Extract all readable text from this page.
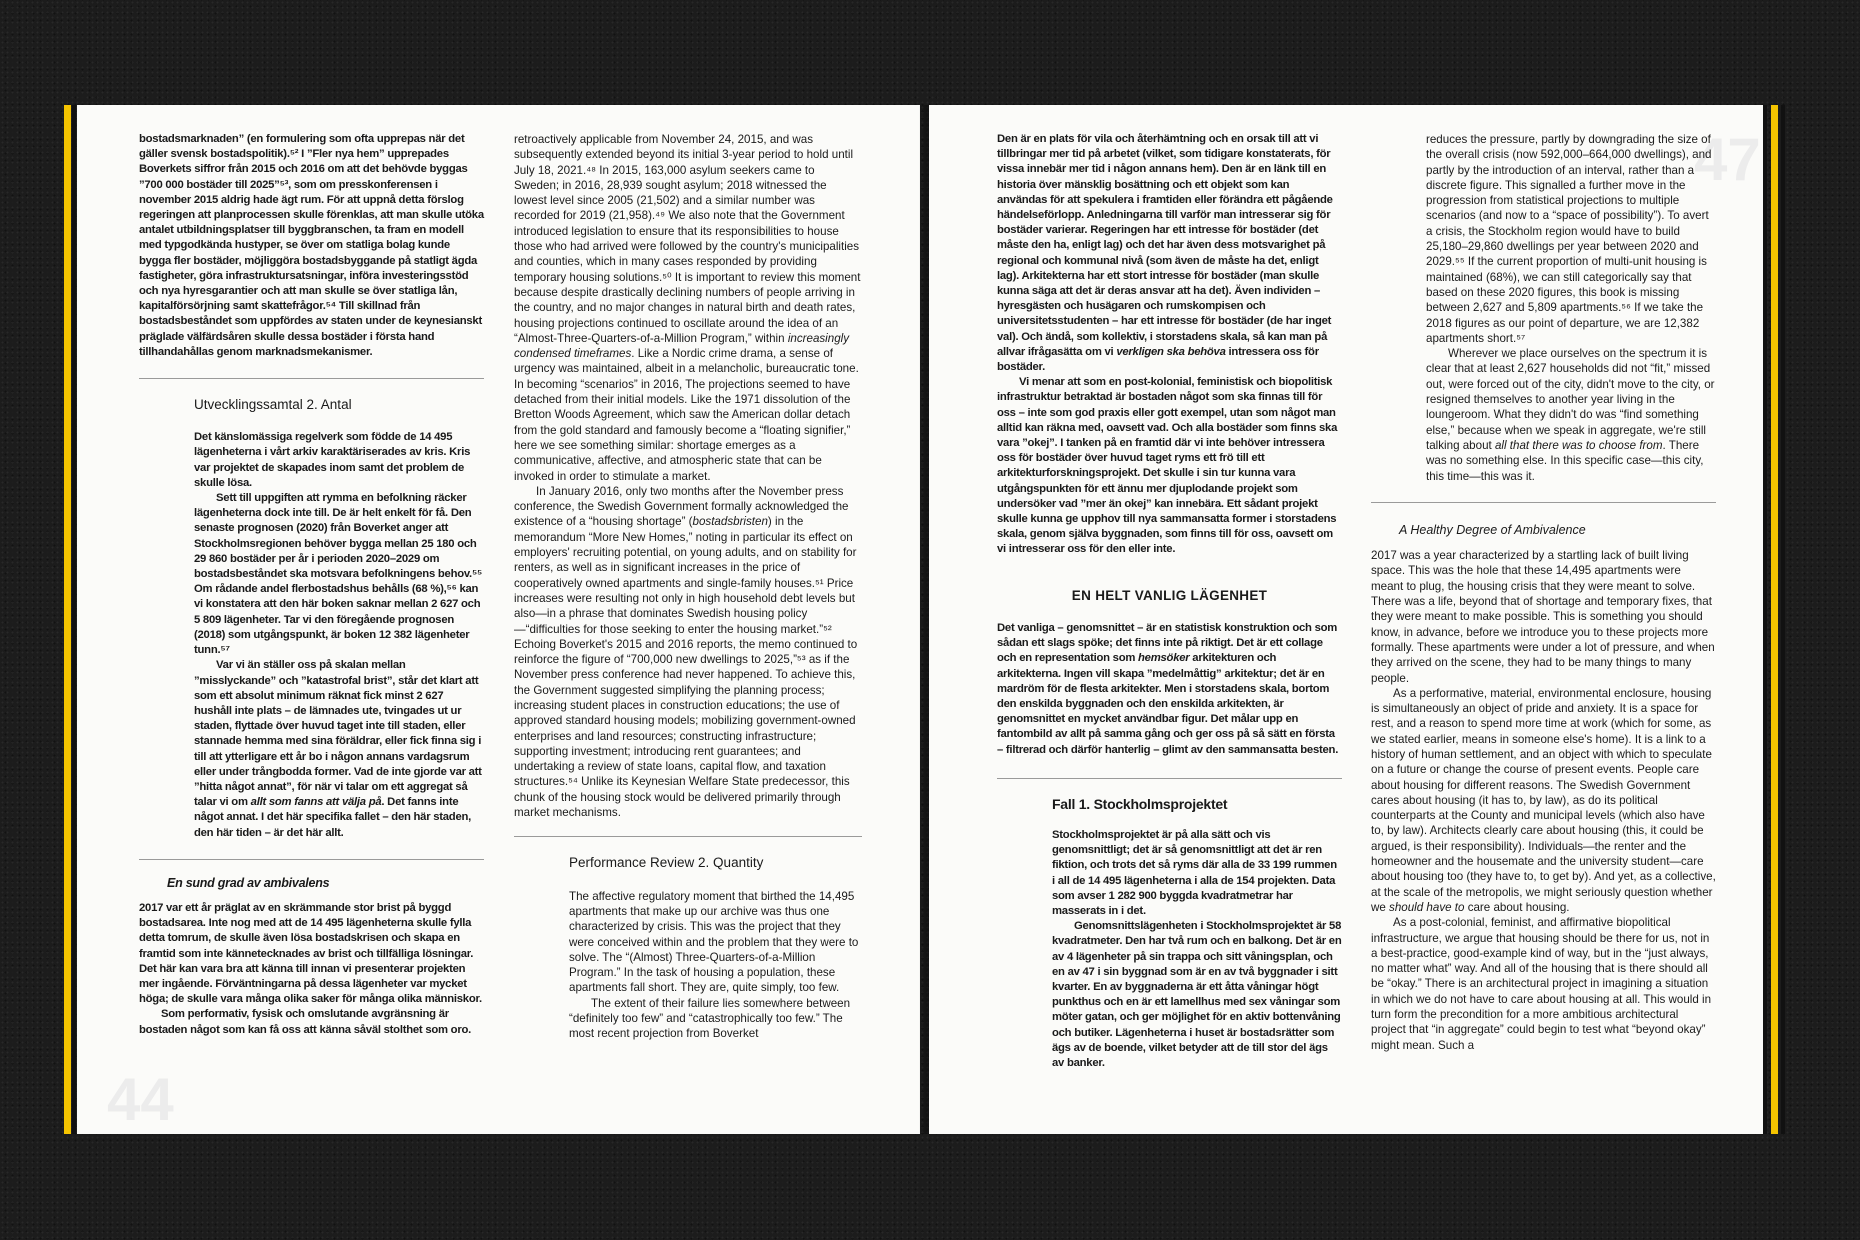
44

bostadsmarknaden” (en formulering som ofta upprepas när det gäller svensk bostadspolitik).⁵² I ”Fler nya hem” upprepades Boverkets siffror från 2015 och 2016 om att det behövde byggas ”700 000 bostäder till 2025”⁵³, som om presskonferensen i november 2015 aldrig hade ägt rum. För att uppnå detta förslog regeringen att planprocessen skulle förenklas, att man skulle utöka antalet utbildningsplatser till byggbranschen, ta fram en modell med typgodkända hustyper, se över om statliga bolag kunde bygga fler bostäder, möjliggöra bostadsbyggande på statligt ägda fastigheter, göra infrastruktursatsningar, införa investeringsstöd och nya hyresgarantier och att man skulle se över statliga lån, kapitalförsörjning samt skattefrågor.⁵⁴ Till skillnad från bostadsbeståndet som uppfördes av staten under de keynesianskt präglade välfärdsåren skulle dessa bostäder i första hand tillhandahållas genom marknadsmekanismer.

Utvecklingssamtal 2. Antal

Det känslomässiga regelverk som födde de 14 495 lägenheterna i vårt arkiv karaktäriserades av kris. Kris var projektet de skapades inom samt det problem de skulle lösa.

Sett till uppgiften att rymma en befolkning räcker lägenheterna dock inte till. De är helt enkelt för få. Den senaste prognosen (2020) från Boverket anger att Stockholmsregionen behöver bygga mellan 25 180 och 29 860 bostäder per år i perioden 2020–2029 om bostadsbeståndet ska motsvara befolkningens behov.⁵⁵ Om rådande andel flerbostadshus behålls (68 %),⁵⁶ kan vi konstatera att den här boken saknar mellan 2 627 och 5 809 lägenheter. Tar vi den föregående prognosen (2018) som utgångspunkt, är boken 12 382 lägenheter tunn.⁵⁷

Var vi än ställer oss på skalan mellan ”misslyckande” och ”katastrofal brist”, står det klart att som ett absolut minimum räknat fick minst 2 627 hushåll inte plats – de lämnades ute, tvingades ut ur staden, flyttade över huvud taget inte till staden, eller stannade hemma med sina föräldrar, eller fick finna sig i till att ytterligare ett år bo i någon annans vardagsrum eller under trångbodda former. Vad de inte gjorde var att ”hitta något annat”, för när vi talar om ett aggregat så talar vi om allt som fanns att välja på. Det fanns inte något annat. I det här specifika fallet – den här staden, den här tiden – är det här allt.

En sund grad av ambivalens

2017 var ett år präglat av en skrämmande stor brist på byggd bostadsarea. Inte nog med att de 14 495 lägenheterna skulle fylla detta tomrum, de skulle även lösa bostadskrisen och skapa en framtid som inte kännetecknades av brist och tillfälliga lösningar. Det här kan vara bra att känna till innan vi presenterar projekten mer ingående. Förväntningarna på dessa lägenheter var mycket höga; de skulle vara många olika saker för många olika människor.

Som performativ, fysisk och omslutande avgränsning är bostaden något som kan få oss att känna såväl stolthet som oro.

retroactively applicable from November 24, 2015, and was subsequently extended beyond its initial 3-year period to hold until July 18, 2021.⁴⁸ In 2015, 163,000 asylum seekers came to Sweden; in 2016, 28,939 sought asylum; 2018 witnessed the lowest level since 2005 (21,502) and a similar number was recorded for 2019 (21,958).⁴⁹ We also note that the Government introduced legislation to ensure that its responsibilities to house those who had arrived were followed by the country's municipalities and counties, which in many cases responded by providing temporary housing solutions.⁵⁰ It is important to review this moment because despite drastically declining numbers of people arriving in the country, and no major changes in natural birth and death rates, housing projections continued to oscillate around the idea of an “Almost-Three-Quarters-of-a-Million Program,” within increasingly condensed timeframes. Like a Nordic crime drama, a sense of urgency was maintained, albeit in a melancholic, bureaucratic tone. In becoming “scenarios” in 2016, The projections seemed to have detached from their initial models. Like the 1971 dissolution of the Bretton Woods Agreement, which saw the American dollar detach from the gold standard and famously become a “floating signifier,” here we see something similar: shortage emerges as a communicative, affective, and atmospheric state that can be invoked in order to stimulate a market.

In January 2016, only two months after the November press conference, the Swedish Government formally acknowledged the existence of a “housing shortage” (bostadsbristen) in the memorandum “More New Homes,” noting in particular its effect on employers' recruiting potential, on young adults, and on stability for renters, as well as in significant increases in the price of cooperatively owned apartments and single-family houses.⁵¹ Price increases were resulting not only in high household debt levels but also—in a phrase that dominates Swedish housing policy—“difficulties for those seeking to enter the housing market.”⁵² Echoing Boverket's 2015 and 2016 reports, the memo continued to reinforce the figure of “700,000 new dwellings to 2025,”⁵³ as if the November press conference had never happened. To achieve this, the Government suggested simplifying the planning process; increasing student places in construction educations; the use of approved standard housing models; mobilizing government-owned enterprises and land resources; constructing infrastructure; supporting investment; introducing rent guarantees; and undertaking a review of state loans, capital flow, and taxation structures.⁵⁴ Unlike its Keynesian Welfare State predecessor, this chunk of the housing stock would be delivered primarily through market mechanisms.

Performance Review 2. Quantity

The affective regulatory moment that birthed the 14,495 apartments that make up our archive was thus one characterized by crisis. This was the project that they were conceived within and the problem that they were to solve. The “(Almost) Three-Quarters-of-a-Million Program.” In the task of housing a population, these apartments fall short. They are, quite simply, too few.

The extent of their failure lies somewhere between “definitely too few” and “catastrophically too few.” The most recent projection from Boverket

47

Den är en plats för vila och återhämtning och en orsak till att vi tillbringar mer tid på arbetet (vilket, som tidigare konstaterats, för vissa innebär mer tid i någon annans hem). Den är en länk till en historia över mänsklig bosättning och ett objekt som kan användas för att spekulera i framtiden eller förändra ett pågående händelseförlopp. Anledningarna till varför man intresserar sig för bostäder varierar. Regeringen har ett intresse för bostäder (det måste den ha, enligt lag) och det har även dess motsvarighet på regional och kommunal nivå (som även de måste ha det, enligt lag). Arkitekterna har ett stort intresse för bostäder (man skulle kunna säga att det är deras ansvar att ha det). Även individen – hyresgästen och husägaren och rumskompisen och universitetsstudenten – har ett intresse för bostäder (de har inget val). Och ändå, som kollektiv, i storstadens skala, så kan man på allvar ifrågasätta om vi verkligen ska behöva intressera oss för bostäder.

Vi menar att som en post-kolonial, feministisk och biopolitisk infrastruktur betraktad är bostaden något som ska finnas till för oss – inte som god praxis eller gott exempel, utan som något man alltid kan räkna med, oavsett vad. Och alla bostäder som finns ska vara ”okej”. I tanken på en framtid där vi inte behöver intressera oss för bostäder över huvud taget ryms ett frö till ett arkitekturforskningsprojekt. Det skulle i sin tur kunna vara utgångspunkten för ett ännu mer djuplodande projekt som undersöker vad ”mer än okej” kan innebära. Ett sådant projekt skulle kunna ge upphov till nya sammansatta former i storstadens skala, genom själva byggnaden, som finns till för oss, oavsett om vi intresserar oss för den eller inte.

EN HELT VANLIG LÄGENHET

Det vanliga – genomsnittet – är en statistisk konstruktion och som sådan ett slags spöke; det finns inte på riktigt. Det är ett collage och en representation som hemsöker arkitekturen och arkitekterna. Ingen vill skapa ”medelmåttig” arkitektur; det är en mardröm för de flesta arkitekter. Men i storstadens skala, bortom den enskilda byggnaden och den enskilda arkitekten, är genomsnittet en mycket användbar figur. Det målar upp en fantombild av allt på samma gång och ger oss på så sätt en första – filtrerad och därför hanterlig – glimt av den sammansatta besten.

Fall 1. Stockholmsprojektet

Stockholmsprojektet är på alla sätt och vis genomsnittligt; det är så genomsnittligt att det är ren fiktion, och trots det så ryms där alla de 33 199 rummen i all de 14 495 lägenheterna i alla de 154 projekten. Data som avser 1 282 900 byggda kvadratmetrar har masserats in i det.

Genomsnittslägenheten i Stockholmsprojektet är 58 kvadratmeter. Den har två rum och en balkong. Det är en av 4 lägenheter på sin trappa och sitt våningsplan, och en av 47 i sin byggnad som är en av två byggnader i sitt kvarter. En av byggnaderna är ett åtta våningar högt punkthus och en är ett lamellhus med sex våningar som möter gatan, och ger möjlighet för en aktiv bottenvåning och butiker. Lägenheterna i huset är bostadsrätter som ägs av de boende, vilket betyder att de till stor del ägs av banker.

reduces the pressure, partly by downgrading the size of the overall crisis (now 592,000–664,000 dwellings), and partly by the introduction of an interval, rather than a discrete figure. This signalled a further move in the progression from statistical projections to multiple scenarios (and now to a “space of possibility”). To avert a crisis, the Stockholm region would have to build 25,180–29,860 dwellings per year between 2020 and 2029.⁵⁵ If the current proportion of multi-unit housing is maintained (68%), we can still categorically say that based on these 2020 figures, this book is missing between 2,627 and 5,809 apartments.⁵⁶ If we take the 2018 figures as our point of departure, we are 12,382 apartments short.⁵⁷

Wherever we place ourselves on the spectrum it is clear that at least 2,627 households did not “fit,” missed out, were forced out of the city, didn't move to the city, or resigned themselves to another year living in the loungeroom. What they didn't do was “find something else,” because when we speak in aggregate, we're still talking about all that there was to choose from. There was no something else. In this specific case—this city, this time—this was it.

A Healthy Degree of Ambivalence

2017 was a year characterized by a startling lack of built living space. This was the hole that these 14,495 apartments were meant to plug, the housing crisis that they were meant to solve. There was a life, beyond that of shortage and temporary fixes, that they were meant to make possible. This is something you should know, in advance, before we introduce you to these projects more formally. These apartments were under a lot of pressure, and when they arrived on the scene, they had to be many things to many people.

As a performative, material, environmental enclosure, housing is simultaneously an object of pride and anxiety. It is a space for rest, and a reason to spend more time at work (which for some, as we stated earlier, means in someone else's home). It is a link to a history of human settlement, and an object with which to speculate on a future or change the course of present events. People care about housing for different reasons. The Swedish Government cares about housing (it has to, by law), as do its political counterparts at the County and municipal levels (which also have to, by law). Architects clearly care about housing (this, it could be argued, is their responsibility). Individuals—the renter and the homeowner and the housemate and the university student—care about housing too (they have to, to get by). And yet, as a collective, at the scale of the metropolis, we might seriously question whether we should have to care about housing.

As a post-colonial, feminist, and affirmative biopolitical infrastructure, we argue that housing should be there for us, not in a best-practice, good-example kind of way, but in the “just always, no matter what” way. And all of the housing that is there should all be “okay.” There is an architectural project in imagining a situation in which we do not have to care about housing at all. This would in turn form the precondition for a more ambitious architectural project that “in aggregate” could begin to test what “beyond okay” might mean. Such a
